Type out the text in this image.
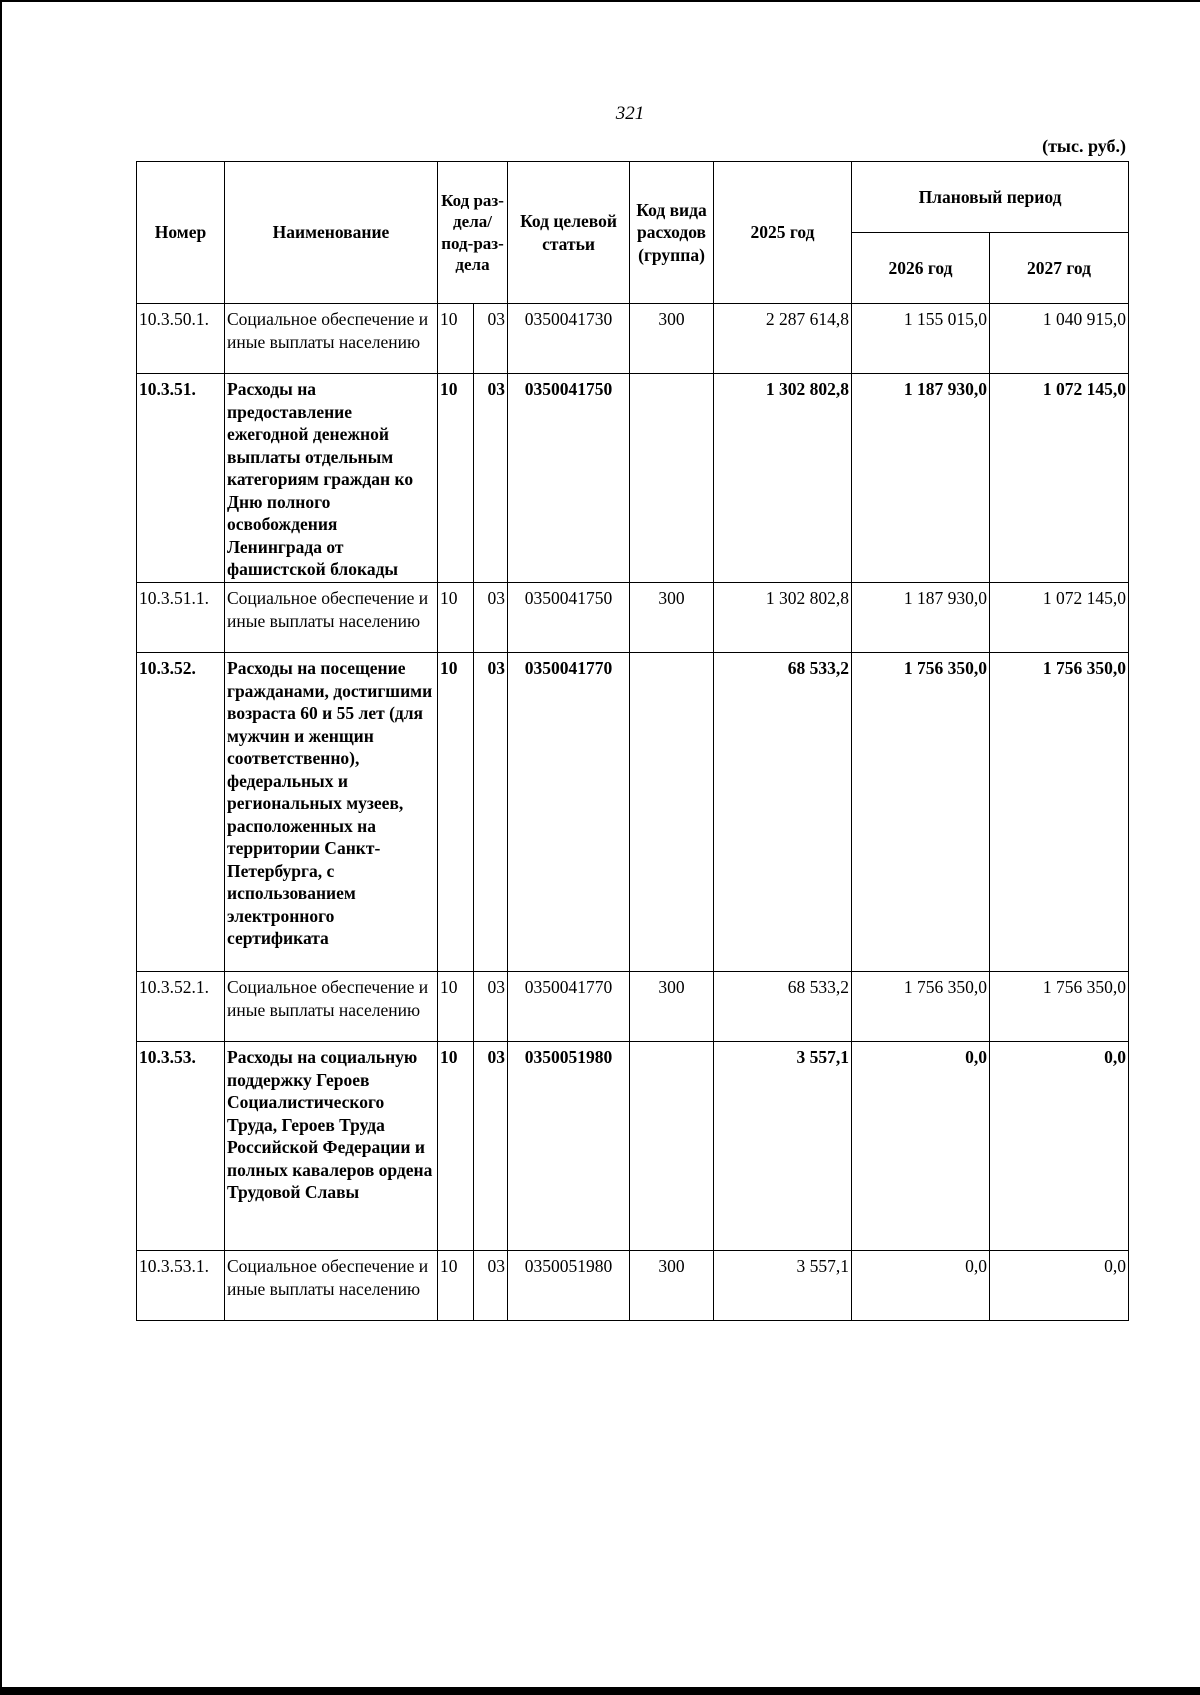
321
(тыс. руб.)
Номер	Наименование	Код раз-дела/ под-раз-дела		Код целевой статьи	Код вида расходов (группа)	2025 год	Плановый период	
							2026 год	2027 год
10.3.50.1.	Социальное обеспечение и иные выплаты населению	10	03	0350041730	300	2 287 614,8	1 155 015,0	1 040 915,0
10.3.51.	Расходы на предоставление ежегодной денежной выплаты отдельным категориям граждан ко Дню полного освобождения Ленинграда от фашистской блокады	10	03	0350041750		1 302 802,8	1 187 930,0	1 072 145,0
10.3.51.1.	Социальное обеспечение и иные выплаты населению	10	03	0350041750	300	1 302 802,8	1 187 930,0	1 072 145,0
10.3.52.	Расходы на посещение гражданами, достигшими возраста 60 и 55 лет (для мужчин и женщин соответственно), федеральных и региональных музеев, расположенных на территории Санкт-Петербурга, с использованием электронного сертификата	10	03	0350041770		68 533,2	1 756 350,0	1 756 350,0
10.3.52.1.	Социальное обеспечение и иные выплаты населению	10	03	0350041770	300	68 533,2	1 756 350,0	1 756 350,0
10.3.53.	Расходы на социальную поддержку Героев Социалистического Труда, Героев Труда Российской Федерации и полных кавалеров ордена Трудовой Славы	10	03	0350051980		3 557,1	0,0	0,0
10.3.53.1.	Социальное обеспечение и иные выплаты населению	10	03	0350051980	300	3 557,1	0,0	0,0
